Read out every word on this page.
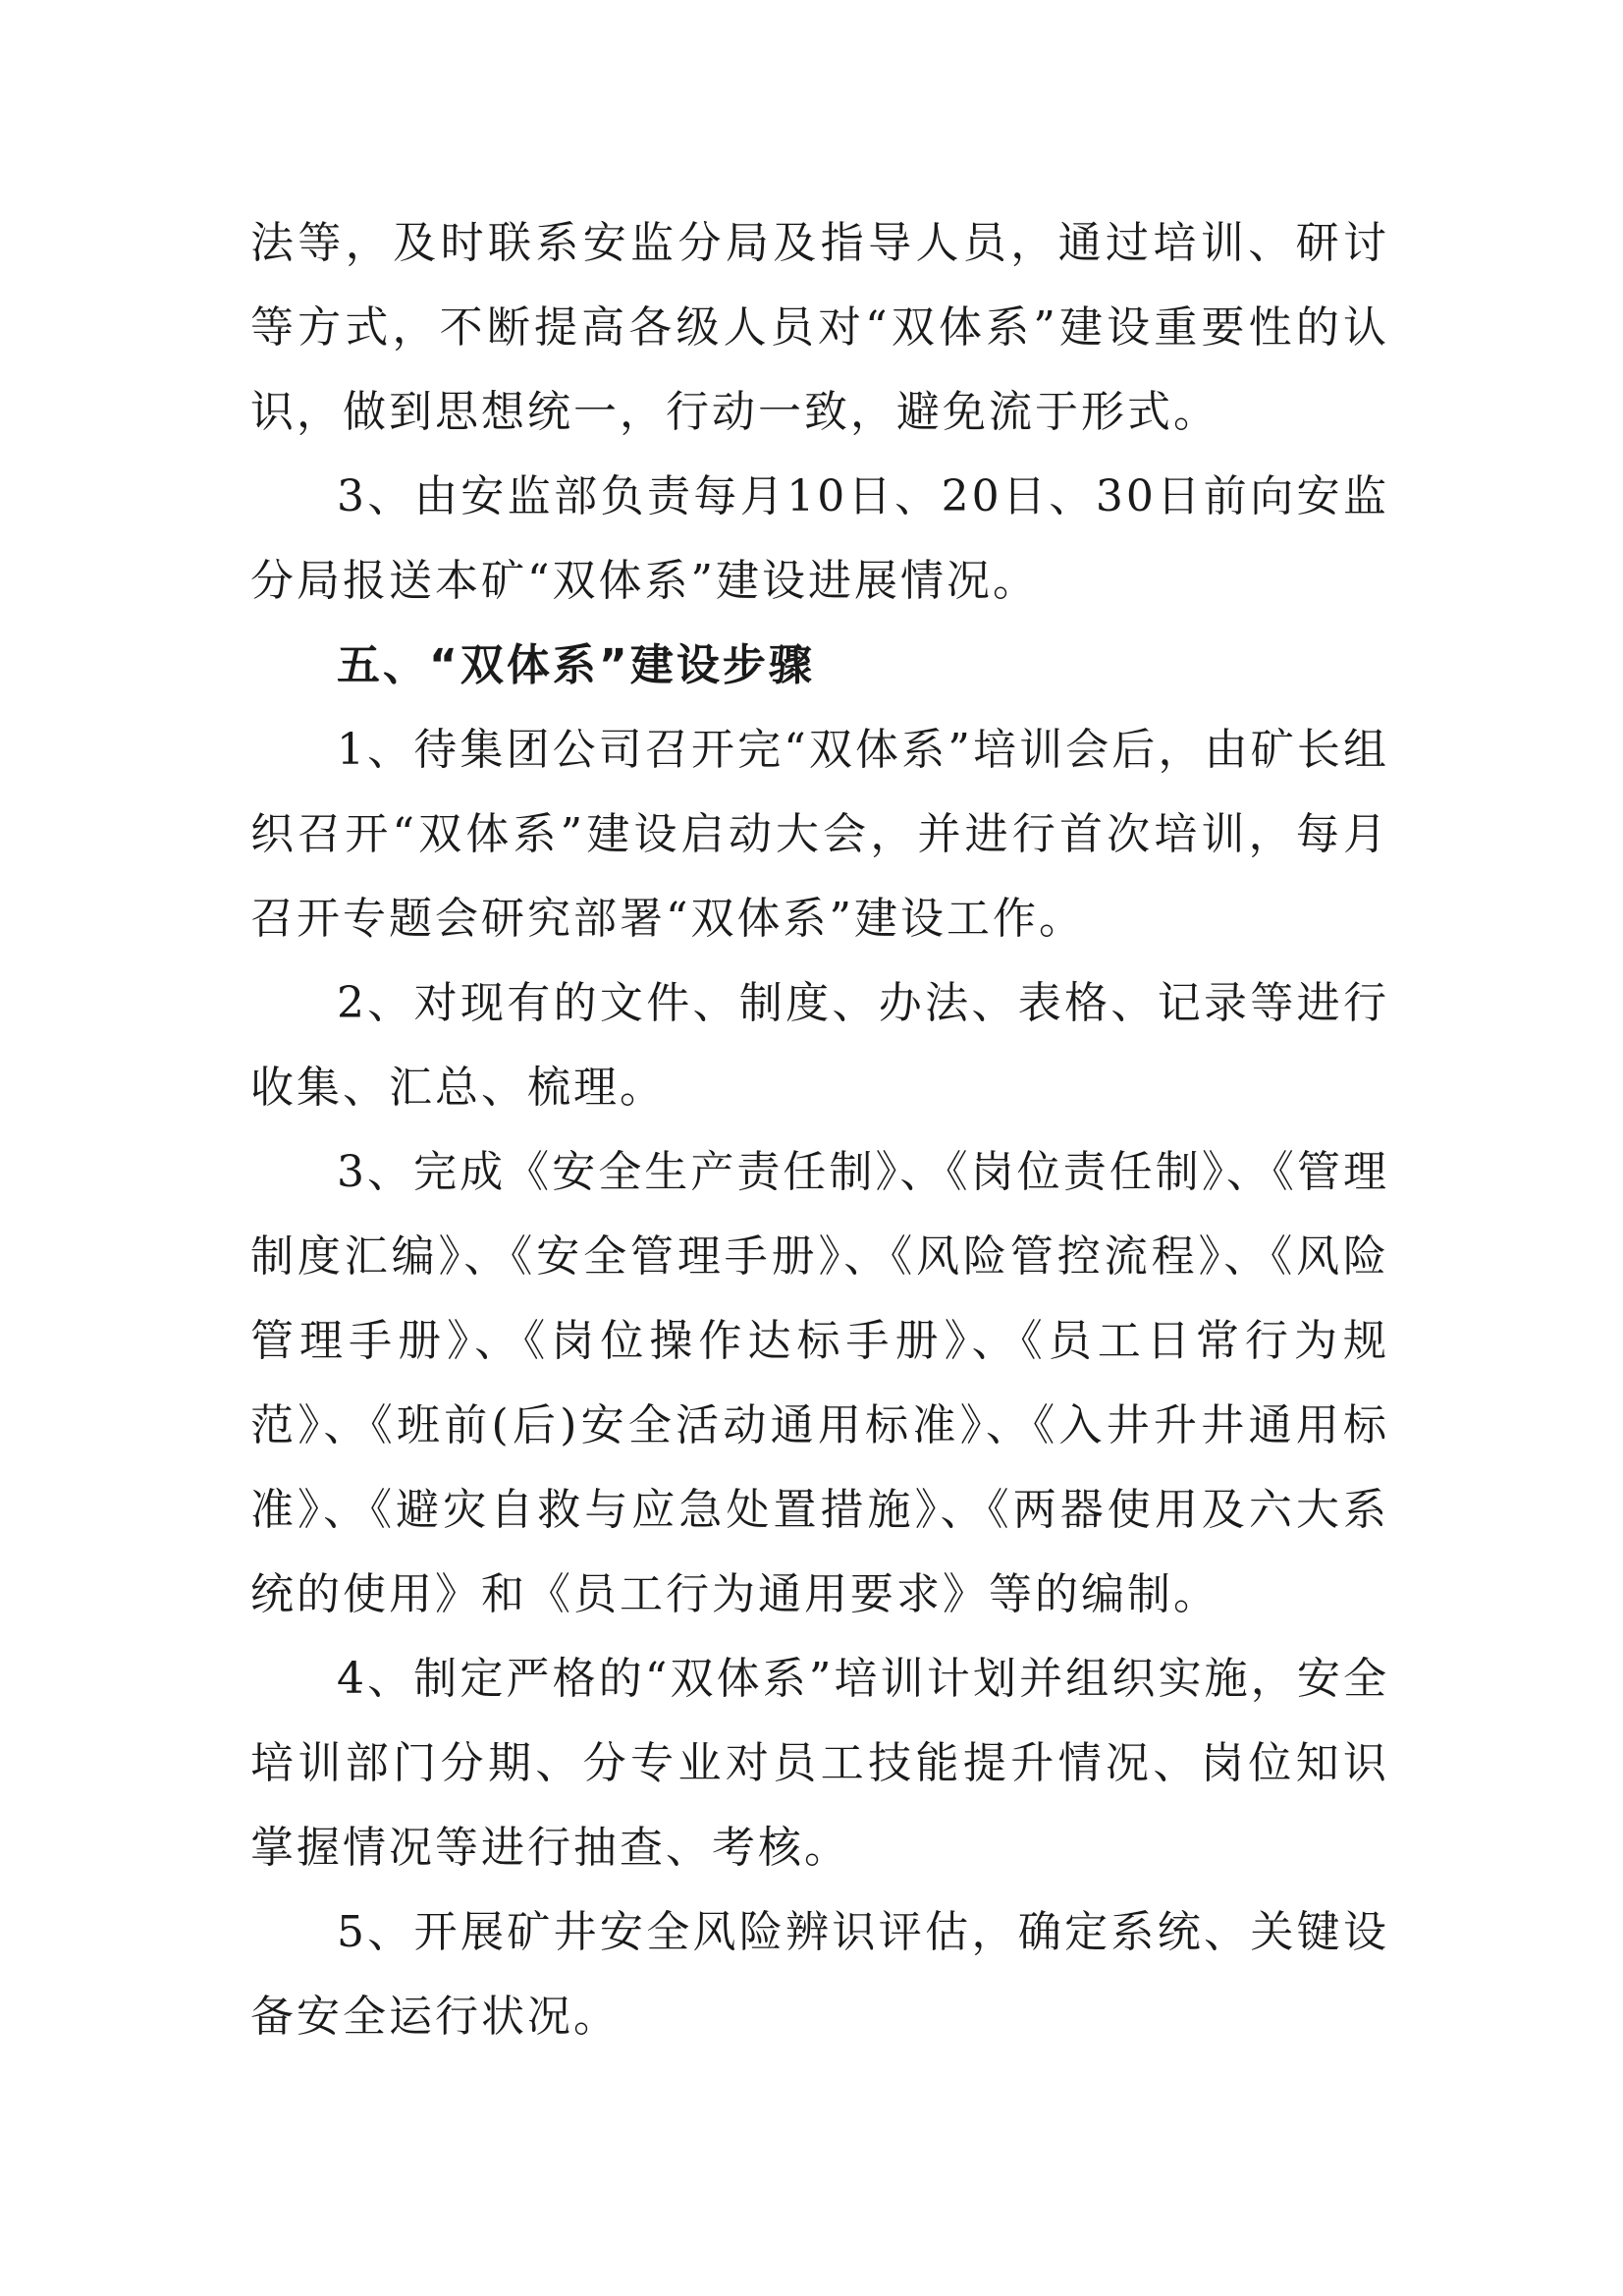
法等，及时联系安监分局及指导人员，通过培训、研讨等方式，不断提高各级人员对“双体系”建设重要性的认识，做到思想统一，行动一致，避免流于形式。

3、由安监部负责每月10日、20日、30日前向安监分局报送本矿“双体系”建设进展情况。

五、“双体系”建设步骤

1、待集团公司召开完“双体系”培训会后，由矿长组织召开“双体系”建设启动大会，并进行首次培训，每月召开专题会研究部署“双体系”建设工作。

2、对现有的文件、制度、办法、表格、记录等进行收集、汇总、梳理。

3、完成《安全生产责任制》、《岗位责任制》、《管理制度汇编》、《安全管理手册》、《风险管控流程》、《风险管理手册》、《岗位操作达标手册》、《员工日常行为规范》、《班前(后)安全活动通用标准》、《入井升井通用标准》、《避灾自救与应急处置措施》、《两器使用及六大系统的使用》和《员工行为通用要求》等的编制。

4、制定严格的“双体系”培训计划并组织实施，安全培训部门分期、分专业对员工技能提升情况、岗位知识掌握情况等进行抽查、考核。

5、开展矿井安全风险辨识评估，确定系统、关键设备安全运行状况。
